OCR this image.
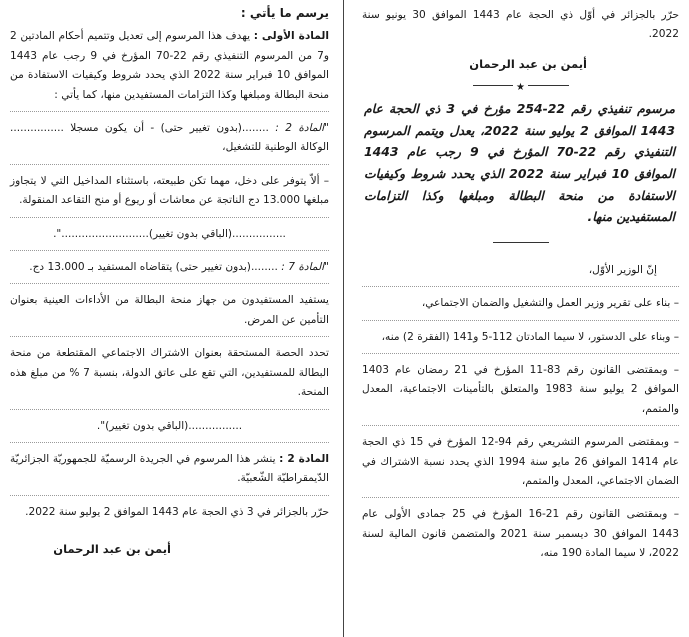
حرّر بالجزائر في أوّل ذي الحجة عام 1443 الموافق 30 يونيو سنة 2022.

أيمن بن عبد الرحمان

★

مرسوم تنفيذي رقم 22-254 مؤرخ في 3 ذي الحجة عام 1443 الموافق 2 يوليو سنة 2022، يعدل ويتمم المرسوم التنفيذي رقم 22-70 المؤرخ في 9 رجب عام 1443 الموافق 10 فبراير سنة 2022 الذي يحدد شروط وكيفيات الاستفادة من منحة البطالة ومبلغها وكذا التزامات المستفيدين منها.

إنّ الوزير الأوّل،

– بناء على تقرير وزير العمل والتشغيل والضمان الاجتماعي،

– وبناء على الدستور، لا سيما المادتان 112-5 و141 (الفقرة 2) منه،

– وبمقتضى القانون رقم 83-11 المؤرخ في 21 رمضان عام 1403 الموافق 2 يوليو سنة 1983 والمتعلق بالتأمينات الاجتماعية، المعدل والمتمم،

– وبمقتضى المرسوم التشريعي رقم 94-12 المؤرخ في 15 ذي الحجة عام 1414 الموافق 26 مايو سنة 1994 الذي يحدد نسبة الاشتراك في الضمان الاجتماعي، المعدل والمتمم،

– وبمقتضى القانون رقم 21-16 المؤرخ في 25 جمادى الأولى عام 1443 الموافق 30 ديسمبر سنة 2021 والمتضمن قانون المالية لسنة 2022، لا سيما المادة 190 منه،

يرسم ما يأتي :

المادة الأولى : يهدف هذا المرسوم إلى تعديل وتتميم أحكام المادتين 2 و7 من المرسوم التنفيذي رقم 22-70 المؤرخ في 9 رجب عام 1443 الموافق 10 فبراير سنة 2022 الذي يحدد شروط وكيفيات الاستفادة من منحة البطالة ومبلغها وكذا التزامات المستفيدين منها، كما يأتي :

"المادة 2 : ........(بدون تغيير حتى) - أن يكون مسجلا ................ الوكالة الوطنية للتشغيل،

– ألاّ يتوفر على دخل، مهما تكن طبيعته، باستثناء المداخيل التي لا يتجاوز مبلغها 13.000 دج الناتجة عن معاشات أو ريوع أو منح التقاعد المنقولة.

................(الباقي بدون تغيير)..........................".

"المادة 7 : ........(بدون تغيير حتى) يتقاضاه المستفيد بـ 13.000 دج.

يستفيد المستفيدون من جهاز منحة البطالة من الأداءات العينية بعنوان التأمين عن المرض.

تحدد الحصة المستحقة بعنوان الاشتراك الاجتماعي المقتطعة من منحة البطالة للمستفيدين، التي تقع على عاتق الدولة، بنسبة 7 % من مبلغ هذه المنحة.

................(الباقي بدون تغيير)".

المادة 2 : ينشر هذا المرسوم في الجريدة الرسميّة للجمهوريّة الجزائريّة الدّيمقراطيّة الشّعبيّة.

حرّر بالجزائر في 3 ذي الحجة عام 1443 الموافق 2 يوليو سنة 2022.

أيمن بن عبد الرحمان
